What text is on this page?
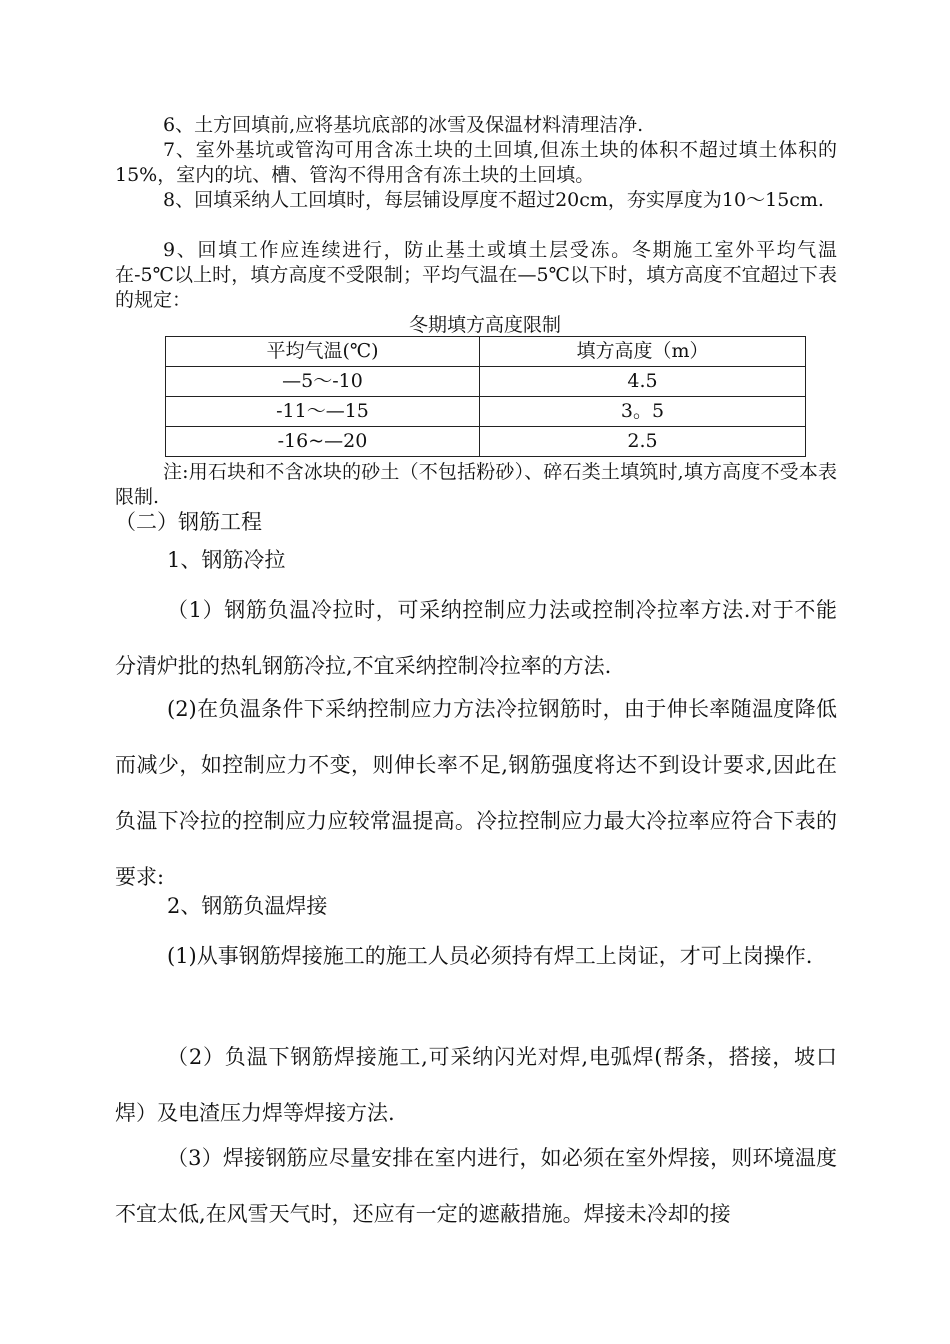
6、土方回填前,应将基坑底部的冰雪及保温材料清理洁净.

7、室外基坑或管沟可用含冻土块的土回填,但冻土块的体积不超过填土体积的15%，室内的坑、槽、管沟不得用含有冻土块的土回填。

8、回填采纳人工回填时，每层铺设厚度不超过20cm，夯实厚度为10～15cm.

9、回填工作应连续进行，防止基土或填土层受冻。冬期施工室外平均气温在-5℃以上时，填方高度不受限制；平均气温在—5℃以下时，填方高度不宜超过下表的规定：

冬期填方高度限制
平均气温(℃)	填方高度（m）
—5～-10	4.5
-11～—15	3。5
-16~—20	2.5

注:用石块和不含冰块的砂土（不包括粉砂）、碎石类土填筑时,填方高度不受本表限制.

（二）钢筋工程
1、钢筋冷拉

（1）钢筋负温冷拉时，可采纳控制应力法或控制冷拉率方法.对于不能分清炉批的热轧钢筋冷拉,不宜采纳控制冷拉率的方法.

(2)在负温条件下采纳控制应力方法冷拉钢筋时，由于伸长率随温度降低而减少，如控制应力不变，则伸长率不足,钢筋强度将达不到设计要求,因此在负温下冷拉的控制应力应较常温提高。冷拉控制应力最大冷拉率应符合下表的要求:

2、钢筋负温焊接

(1)从事钢筋焊接施工的施工人员必须持有焊工上岗证，才可上岗操作.

（2）负温下钢筋焊接施工,可采纳闪光对焊,电弧焊(帮条，搭接，坡口焊）及电渣压力焊等焊接方法.

（3）焊接钢筋应尽量安排在室内进行，如必须在室外焊接，则环境温度不宜太低,在风雪天气时，还应有一定的遮蔽措施。焊接未冷却的接
